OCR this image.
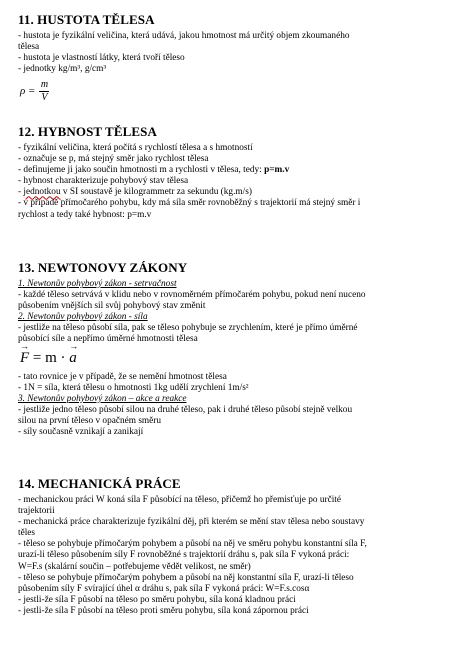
11. HUSTOTA TĚLESA
- hustota je fyzikální veličina, která udává, jakou hmotnost má určitý objem zkoumaného
tělesa
- hustota je vlastností látky, která tvoří těleso
- jednotky kg/m³, g/cm³
$\rho = \frac{m}{V}$
12. HYBNOST TĚLESA
- fyzikální veličina, která počítá s rychlostí tělesa a s hmotností
- označuje se p, má stejný směr jako rychlost tělesa
- definujeme ji jako součin hmotnosti m a rychlosti v tělesa, tedy: p=m.v
- hybnost charakterizuje pohybový stav tělesa
- jednotkou v SI soustavě je kilogrammetr za sekundu (kg.m/s)
- v případě přímočarého pohybu, kdy má síla směr rovnoběžný s trajektorií má stejný směr i
rychlost a tedy také hybnost: p=m.v
13. NEWTONOVY ZÁKONY
1. Newtonův pohybový zákon - setrvačnost
- každé těleso setrvává v klidu nebo v rovnoměrném přímočarém pohybu, pokud není nuceno
působením vnějších sil svůj pohybový stav změnit
2. Newtonův pohybový zákon - síla
- jestliže na těleso působí síla, pak se těleso pohybuje se zrychlením, které je přímo úměrné
působící síle a nepřímo úměrné hmotnosti tělesa
→ F = m · → a
- tato rovnice je v případě, že se nemění hmotnost tělesa
- 1N = síla, která tělesu o hmotnosti 1kg udělí zrychlení 1m/s²
3. Newtonův pohybový zákon – akce a reakce
- jestliže jedno těleso působí silou na druhé těleso, pak i druhé těleso působí stejně velkou
silou na první těleso v opačném směru
- síly současně vznikají a zanikají
14. MECHANICKÁ PRÁCE
- mechanickou práci W koná síla F působící na těleso, přičemž ho přemisťuje po určité
trajektorii
- mechanická práce charakterizuje fyzikální děj, při kterém se mění stav tělesa nebo soustavy
těles
- těleso se pohybuje přímočarým pohybem a působí na něj ve směru pohybu konstantní síla F,
urazí-li těleso působením síly F rovnoběžné s trajektorií dráhu s, pak síla F vykoná práci:
W=F.s (skalární součin – potřebujeme vědět velikost, ne směr)
- těleso se pohybuje přímočarým pohybem a působí na něj konstantní síla F, urazí-li těleso
působením síly F svírající úhel α dráhu s, pak síla F vykoná práci: W=F.s.cosα
- jestli-že síla F působí na těleso po směru pohybu, síla koná kladnou práci
- jestli-že síla F působí na těleso proti směru pohybu, síla koná zápornou práci
